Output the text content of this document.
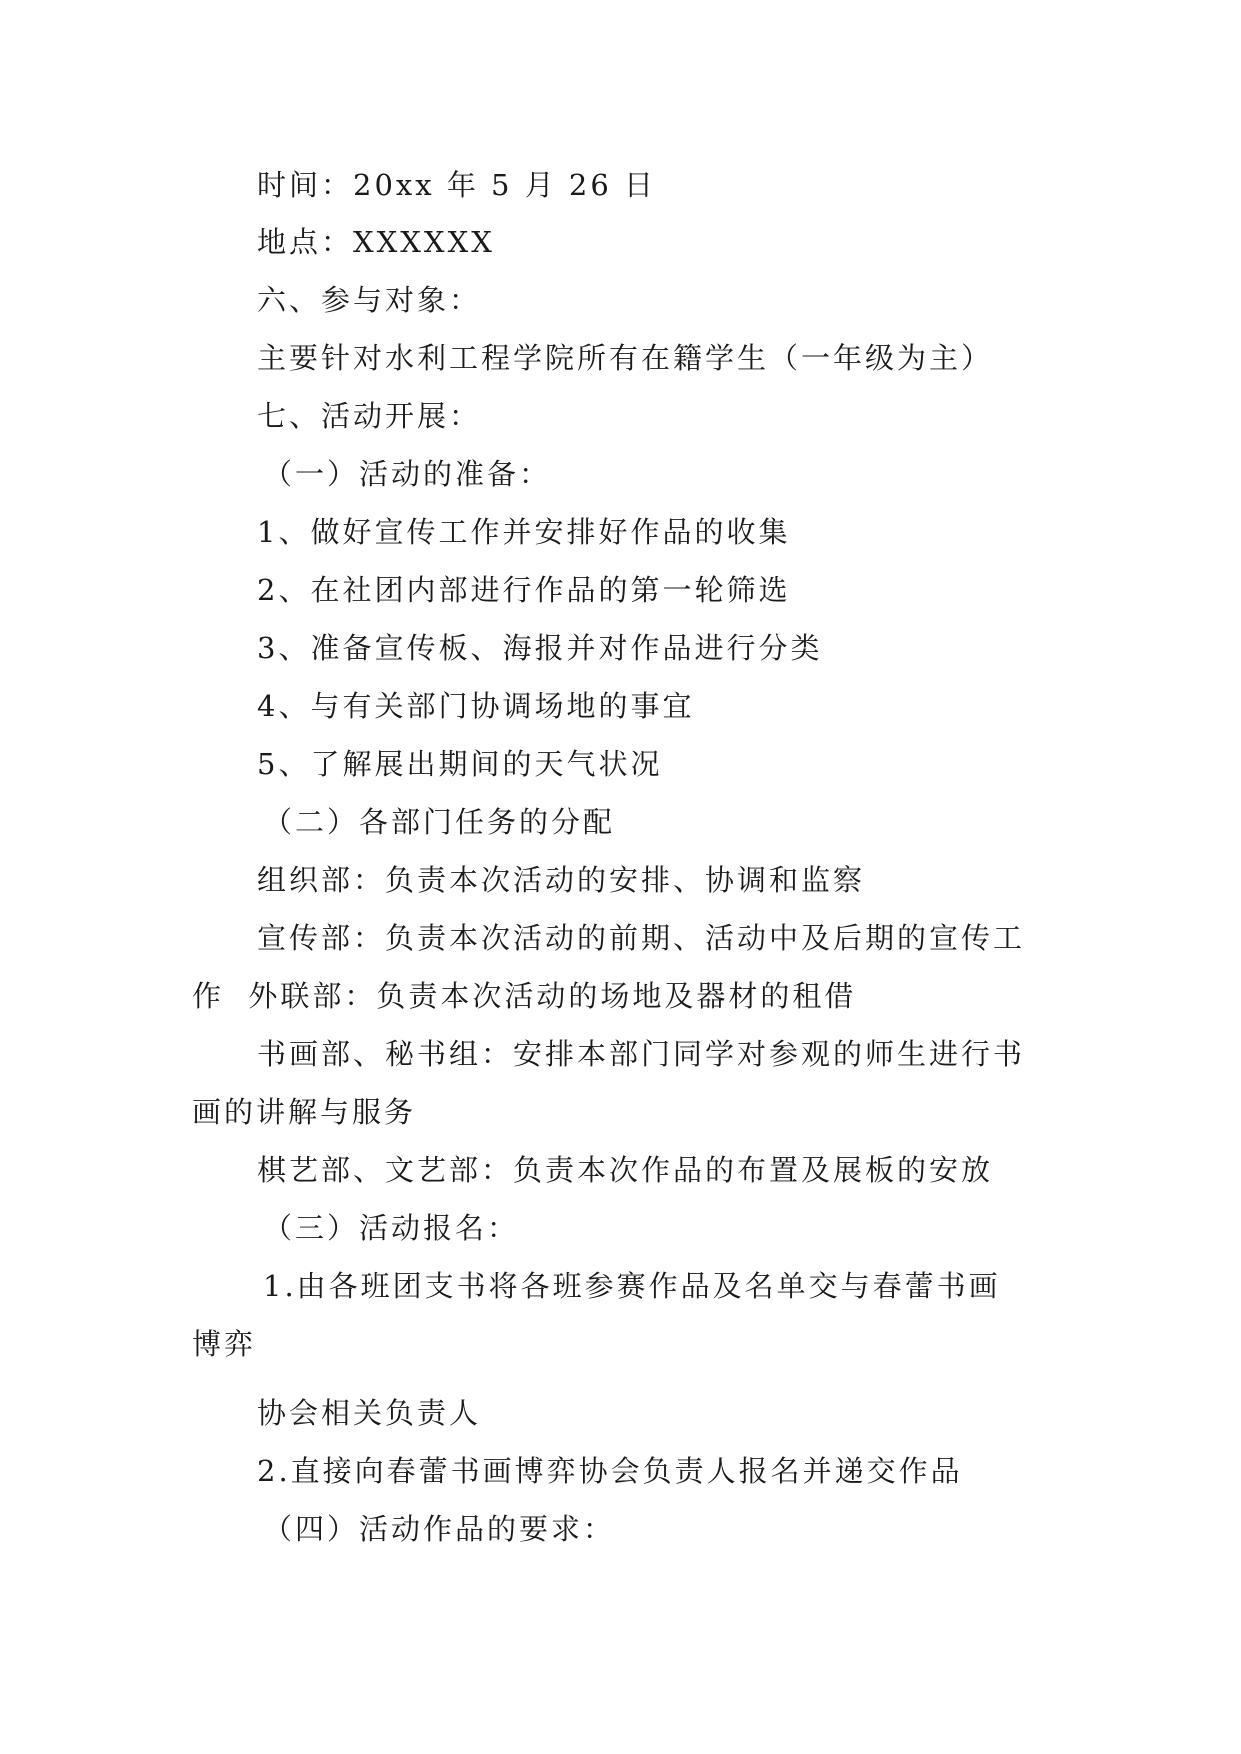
时间：20xx 年 5 月 26 日
地点：XXXXXX
六、参与对象：
主要针对水利工程学院所有在籍学生（一年级为主）
七、活动开展：
（一）活动的准备：
1、做好宣传工作并安排好作品的收集
2、在社团内部进行作品的第一轮筛选
3、准备宣传板、海报并对作品进行分类
4、与有关部门协调场地的事宜
5、了解展出期间的天气状况
（二）各部门任务的分配
组织部：负责本次活动的安排、协调和监察
宣传部：负责本次活动的前期、活动中及后期的宣传工
作  外联部：负责本次活动的场地及器材的租借
书画部、秘书组：安排本部门同学对参观的师生进行书
画的讲解与服务
棋艺部、文艺部：负责本次作品的布置及展板的安放
（三）活动报名：
1.由各班团支书将各班参赛作品及名单交与春蕾书画
博弈
协会相关负责人
2.直接向春蕾书画博弈协会负责人报名并递交作品
（四）活动作品的要求：
